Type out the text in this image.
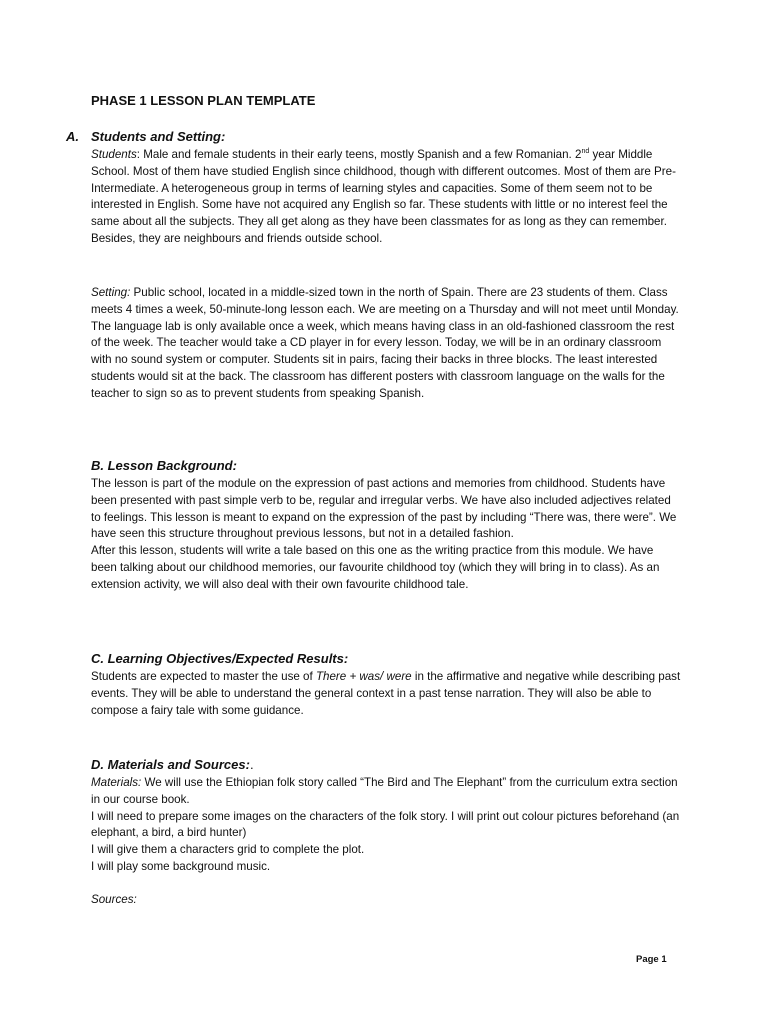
PHASE 1 LESSON PLAN TEMPLATE
A. Students and Setting:

Students: Male and female students in their early teens, mostly Spanish and a few Romanian. 2nd year Middle School. Most of them have studied English since childhood, though with different outcomes. Most of them are Pre-Intermediate. A heterogeneous group in terms of learning styles and capacities. Some of them seem not to be interested in English. Some have not acquired any English so far. These students with little or no interest feel the same about all the subjects. They all get along as they have been classmates for as long as they can remember. Besides, they are neighbours and friends outside school.

Setting: Public school, located in a middle-sized town in the north of Spain. There are 23 students of them. Class meets 4 times a week, 50-minute-long lesson each. We are meeting on a Thursday and will not meet until Monday. The language lab is only available once a week, which means having class in an old-fashioned classroom the rest of the week. The teacher would take a CD player in for every lesson. Today, we will be in an ordinary classroom with no sound system or computer. Students sit in pairs, facing their backs in three blocks. The least interested students would sit at the back. The classroom has different posters with classroom language on the walls for the teacher to sign so as to prevent students from speaking Spanish.

B. Lesson Background:

The lesson is part of the module on the expression of past actions and memories from childhood. Students have been presented with past simple verb to be, regular and irregular verbs. We have also included adjectives related to feelings. This lesson is meant to expand on the expression of the past by including “There was, there were”. We have seen this structure throughout previous lessons, but not in a detailed fashion.

After this lesson, students will write a tale based on this one as the writing practice from this module. We have been talking about our childhood memories, our favourite childhood toy (which they will bring in to class). As an extension activity, we will also deal with their own favourite childhood tale.

C. Learning Objectives/Expected Results:

Students are expected to master the use of There + was/ were in the affirmative and negative while describing past events. They will be able to understand the general context in a past tense narration. They will also be able to compose a fairy tale with some guidance.

D. Materials and Sources:.

Materials: We will use the Ethiopian folk story called “The Bird and The Elephant” from the curriculum extra section in our course book.

I will need to prepare some images on the characters of the folk story. I will print out colour pictures beforehand (an elephant, a bird, a bird hunter)

I will give them a characters grid to complete the plot.

I will play some background music.

Sources:

Page 1
